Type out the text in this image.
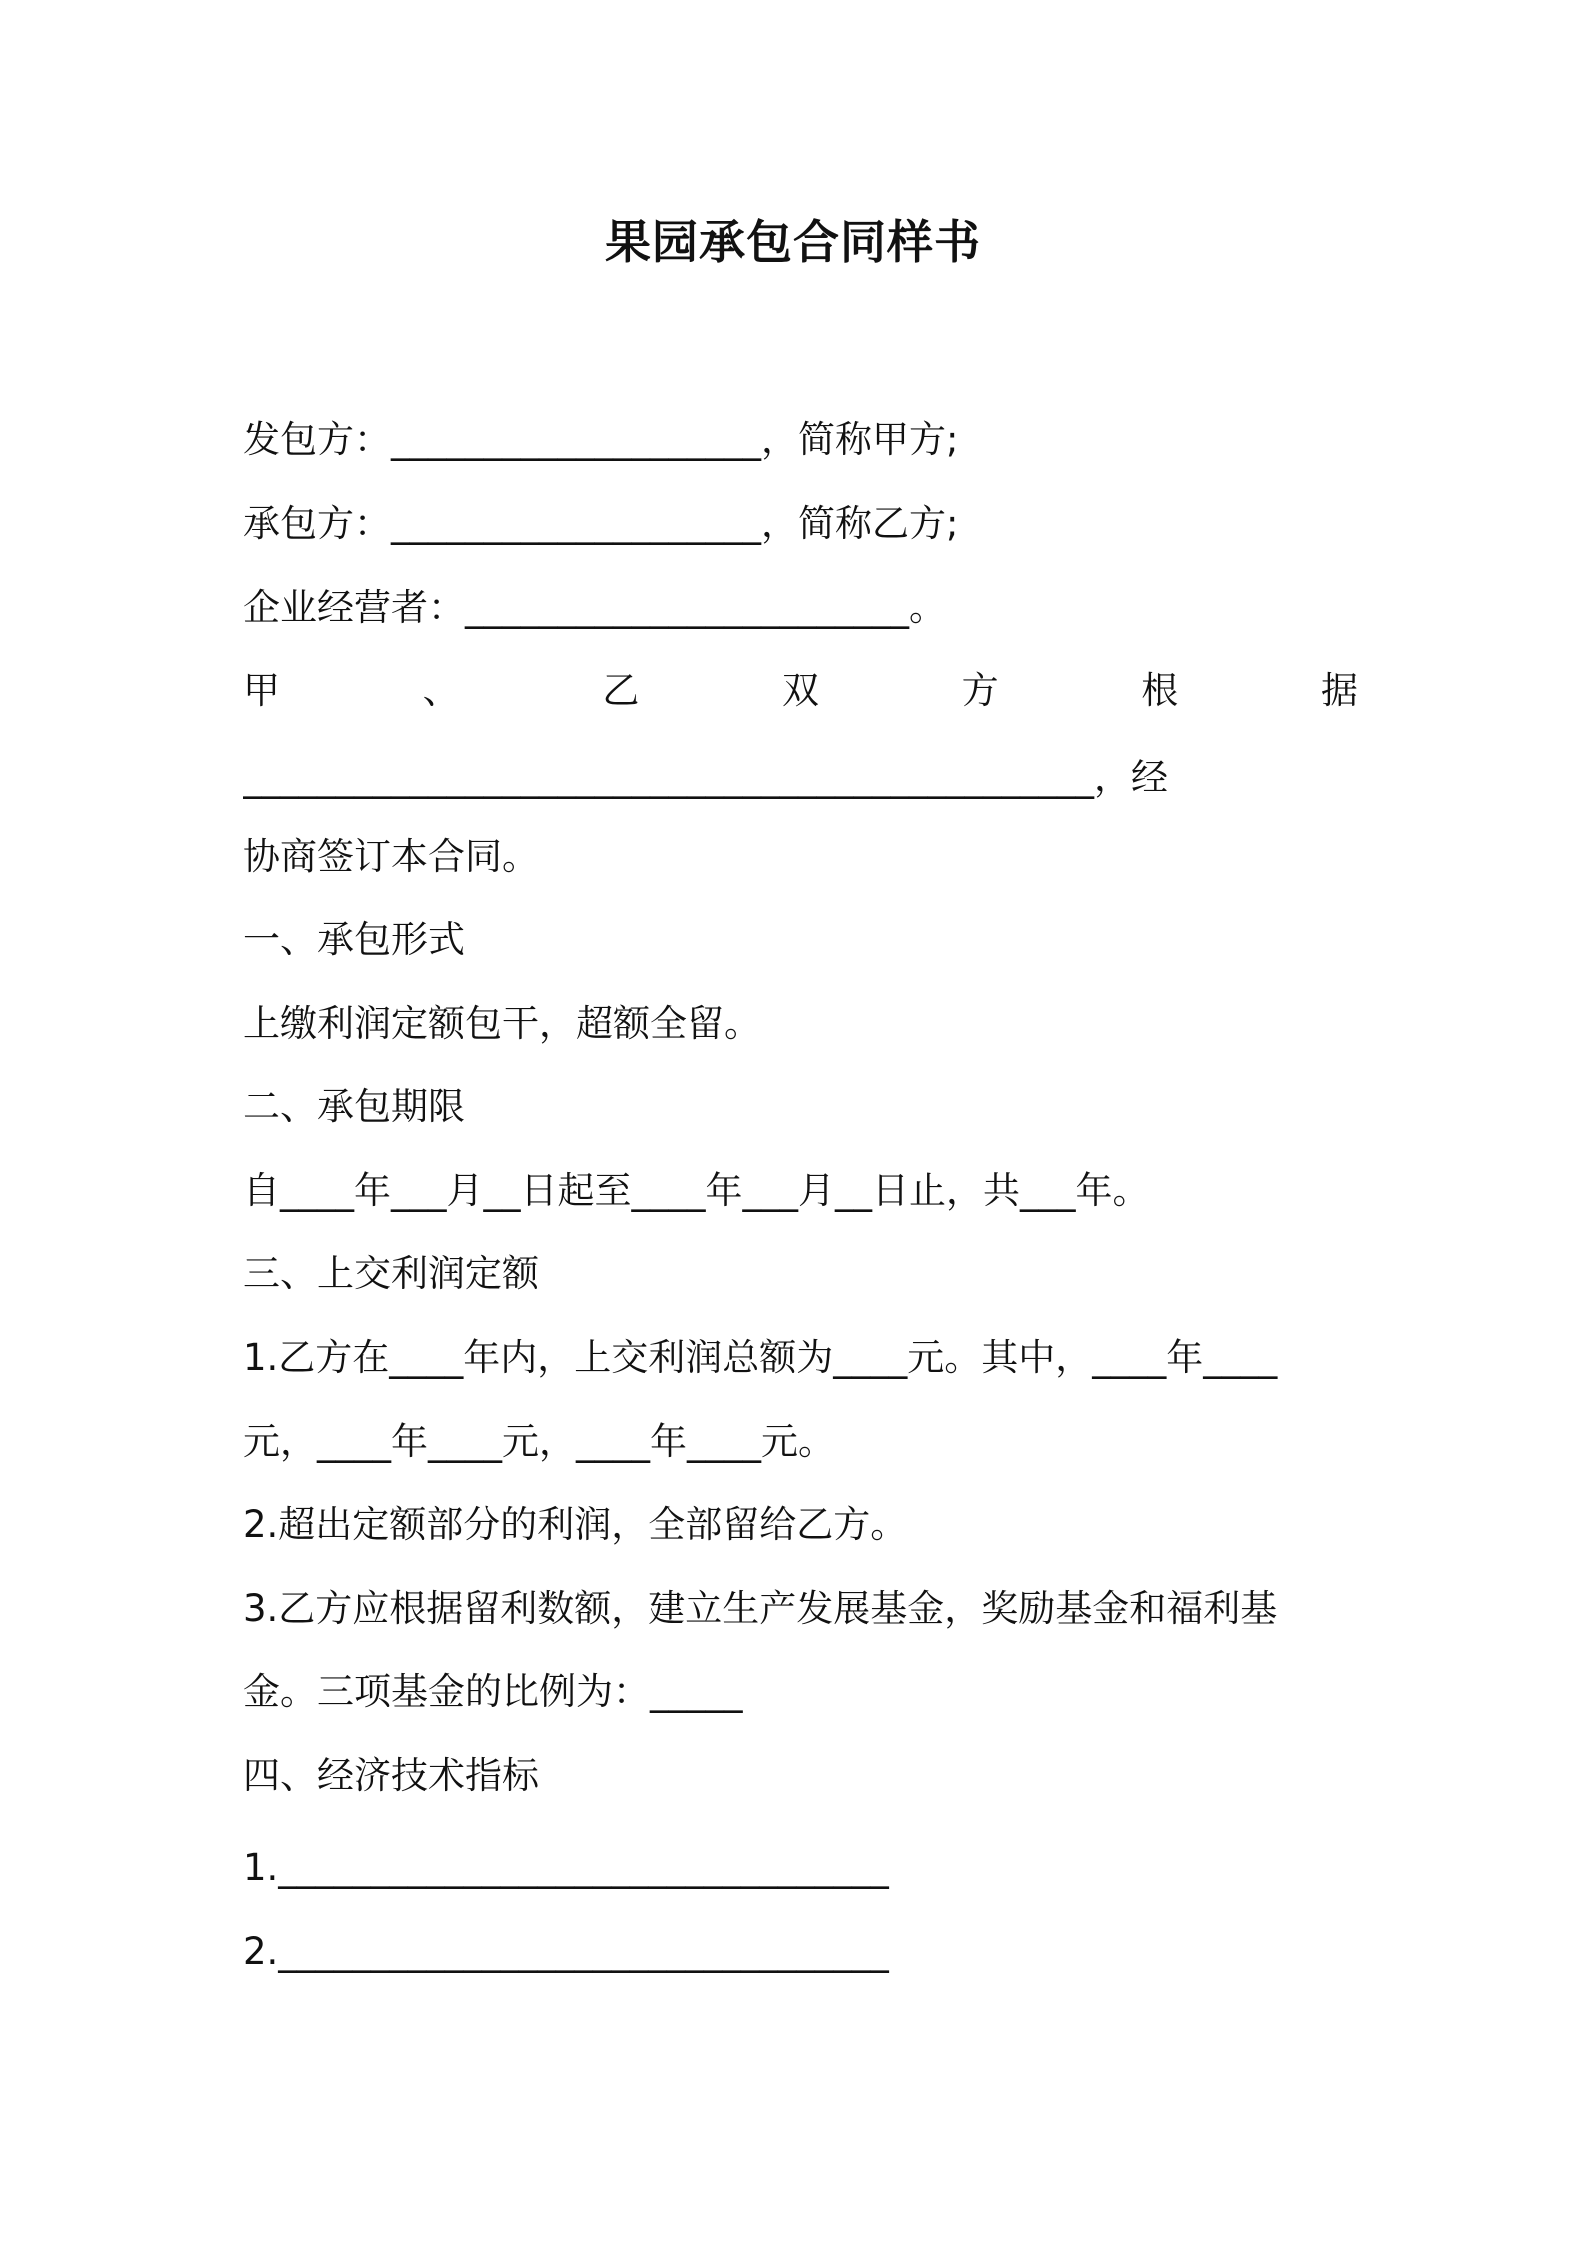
果园承包合同样书
发包方：____________________，简称甲方;
承包方：____________________，简称乙方;
企业经营者：________________________。
甲	、	乙	双	方	根	据
______________________________________________，经
协商签订本合同。
一、承包形式
上缴利润定额包干，超额全留。
二、承包期限
自____年___月__日起至____年___月__日止，共___年。
三、上交利润定额
1.乙方在____年内，上交利润总额为____元。其中，____年____
元，____年____元，____年____元。
2.超出定额部分的利润，全部留给乙方。
3.乙方应根据留利数额，建立生产发展基金，奖励基金和福利基
金。三项基金的比例为：_____
四、经济技术指标
1._________________________________
2._________________________________
